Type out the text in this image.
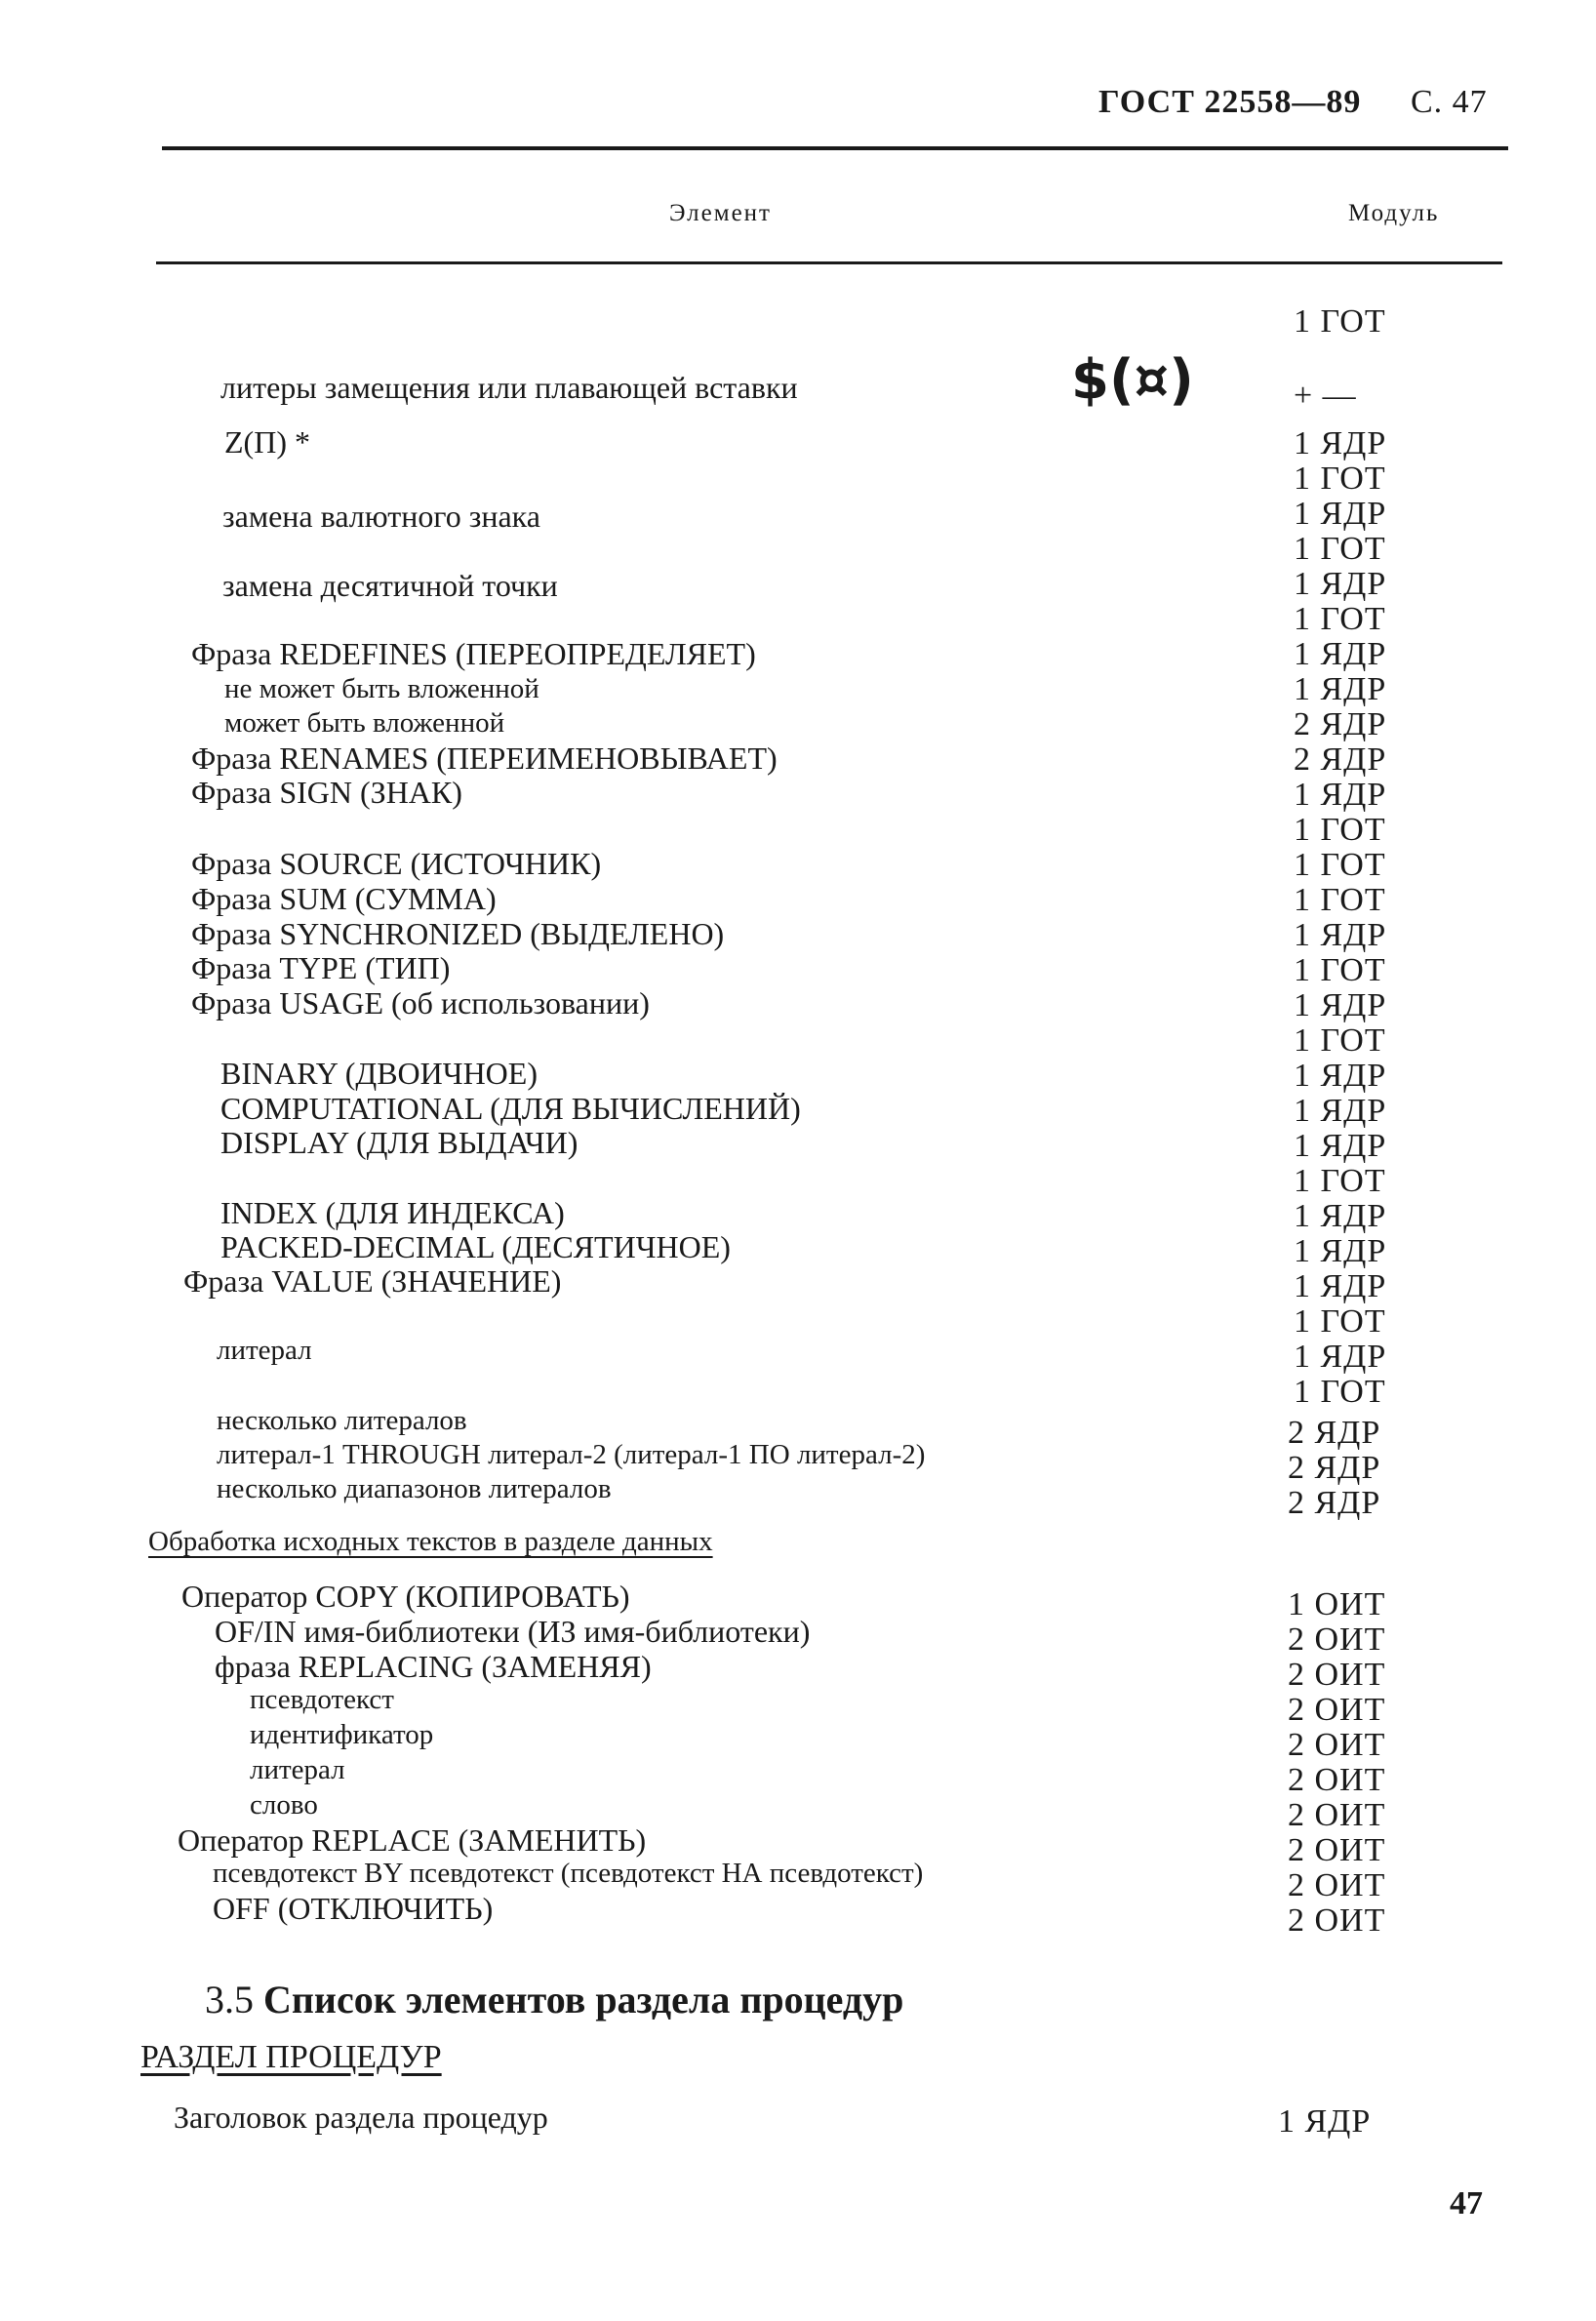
ГОСТ 22558—89 С. 47
Элемент	Модуль
1 ГОТ
$(¤)
литеры замещения или плавающей вставки
Z(П) *
замена валютного знака
замена десятичной точки
Фраза REDEFINES (ПЕРЕОПРЕДЕЛЯЕТ)
не может быть вложенной
может быть вложенной
Фраза RENAMES (ПЕРЕИМЕНОВЫВАЕТ)
Фраза SIGN (ЗНАК)
Фраза SOURCE (ИСТОЧНИК)
Фраза SUM (СУММА)
Фраза SYNCHRONIZED (ВЫДЕЛЕНО)
Фраза TYPE (ТИП)
Фраза USAGE (об использовании)
BINARY (ДВОИЧНОЕ)
COMPUTATIONAL (ДЛЯ ВЫЧИСЛЕНИЙ)
DISPLAY (ДЛЯ ВЫДАЧИ)
INDEX (ДЛЯ ИНДЕКСА)
PACKED-DECIMAL (ДЕСЯТИЧНОЕ)
Фраза VALUE (ЗНАЧЕНИЕ)
литерал
несколько литералов
литерал-1 THROUGH литерал-2 (литерал-1 ПО литерал-2)
несколько диапазонов литералов
Обработка исходных текстов в разделе данных
Оператор COPY (КОПИРОВАТЬ)
OF/IN имя-библиотеки (ИЗ имя-библиотеки)
фраза REPLACING (ЗАМЕНЯЯ)
псевдотекст
идентификатор
литерал
слово
Оператор REPLACE (ЗАМЕНИТЬ)
псевдотекст BY псевдотекст (псевдотекст НА псевдотекст)
OFF (ОТКЛЮЧИТЬ)
+ —
1 ЯДР
1 ГОТ
1 ЯДР
1 ГОТ
1 ЯДР
1 ГОТ
1 ЯДР
1 ЯДР
2 ЯДР
2 ЯДР
1 ЯДР
1 ГОТ
1 ГОТ
1 ГОТ
1 ЯДР
1 ГОТ
1 ЯДР
1 ГОТ
1 ЯДР
1 ЯДР
1 ЯДР
1 ГОТ
1 ЯДР
1 ЯДР
1 ЯДР
1 ГОТ
1 ЯДР
1 ГОТ
2 ЯДР
2 ЯДР
2 ЯДР
1 ОИТ
2 ОИТ
2 ОИТ
2 ОИТ
2 ОИТ
2 ОИТ
2 ОИТ
2 ОИТ
2 ОИТ
2 ОИТ
3.5 Список элементов раздела процедур
РАЗДЕЛ ПРОЦЕДУР
Заголовок раздела процедур	1 ЯДР
47
